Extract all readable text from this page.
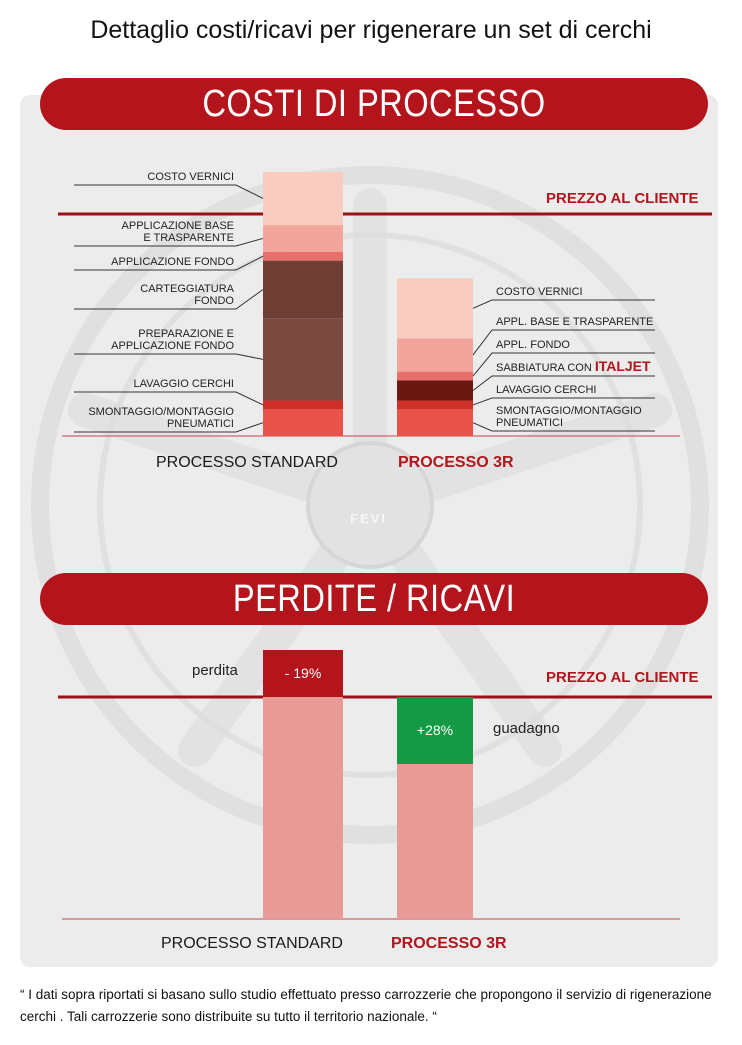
Dettaglio costi/ricavi per rigenerare un set di cerchi
FEVI
COSTI DI PROCESSO
PERDITE / RICAVI
PREZZO AL CLIENTE
PROCESSO STANDARD	PROCESSO 3R
COSTO VERNICI
APPLICAZIONE BASE
E TRASPARENTE
APPLICAZIONE FONDO
CARTEGGIATURA
FONDO
PREPARAZIONE E
APPLICAZIONE FONDO
LAVAGGIO CERCHI
SMONTAGGIO/MONTAGGIO
PNEUMATICI
COSTO VERNICI
APPL. BASE E TRASPARENTE
APPL. FONDO
SABBIATURA CON ITALJET
LAVAGGIO CERCHI
SMONTAGGIO/MONTAGGIO
PNEUMATICI
PREZZO AL CLIENTE
- 19%
perdita
PROCESSO STANDARD
+28%	guadagno
PROCESSO 3R
“ I dati sopra riportati si basano sullo studio effettuato presso carrozzerie che propongono il servizio di rigenerazione cerchi . Tali carrozzerie sono distribuite su tutto il territorio nazionale. “
